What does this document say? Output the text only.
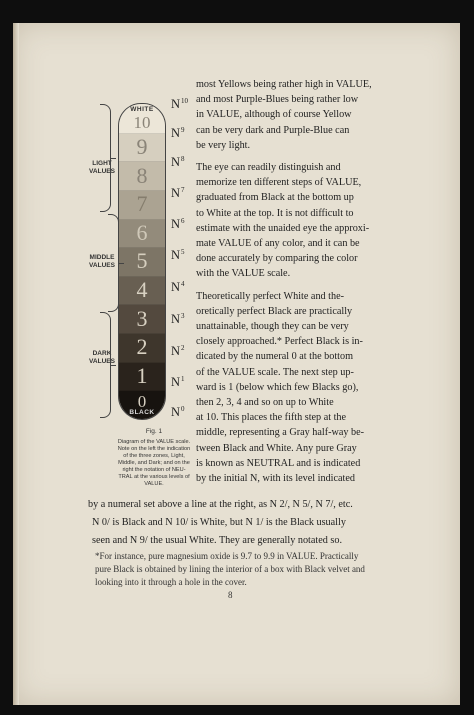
0
1
2
3
4
5
6
7
8
9
10
WHITE
BLACK
$N^{10}$
$N^9$
$N^8$
$N^7$
$N^6$
$N^5$
$N^4$
$N^3$
$N^2$
$N^1$
$N^0$
LIGHT
VALUES
MIDDLE
VALUES
DARK
VALUES
Fig. 1
Diagram of the VALUE scale.
Note on the left the indication
of the three zones, Light,
Middle, and Dark; and on the
right the notation of NEU-
TRAL at the various levels of
VALUE.
most Yellows being rather high in VALUE,
and most Purple-Blues being rather low
in VALUE, although of course Yellow
can be very dark and Purple-Blue can
be very light.
The eye can readily distinguish and
memorize ten different steps of VALUE,
graduated from Black at the bottom up
to White at the top. It is not difficult to
estimate with the unaided eye the approxi-
mate VALUE of any color, and it can be
done accurately by comparing the color
with the VALUE scale.
Theoretically perfect White and the-
oretically perfect Black are practically
unattainable, though they can be very
closely approached.* Perfect Black is in-
dicated by the numeral 0 at the bottom
of the VALUE scale. The next step up-
ward is 1 (below which few Blacks go),
then 2, 3, 4 and so on up to White
at 10. This places the fifth step at the
middle, representing a Gray half-way be-
tween Black and White. Any pure Gray
is known as NEUTRAL and is indicated
by the initial N, with its level indicated
by a numeral set above a line at the right, as N 2/, N 5/, N 7/, etc.
N 0/ is Black and N 10/ is White, but N 1/ is the Black usually
seen and N 9/ the usual White. They are generally notated so.
*For instance, pure magnesium oxide is 9.7 to 9.9 in VALUE. Practically
pure Black is obtained by lining the interior of a box with Black velvet and
looking into it through a hole in the cover.
8
